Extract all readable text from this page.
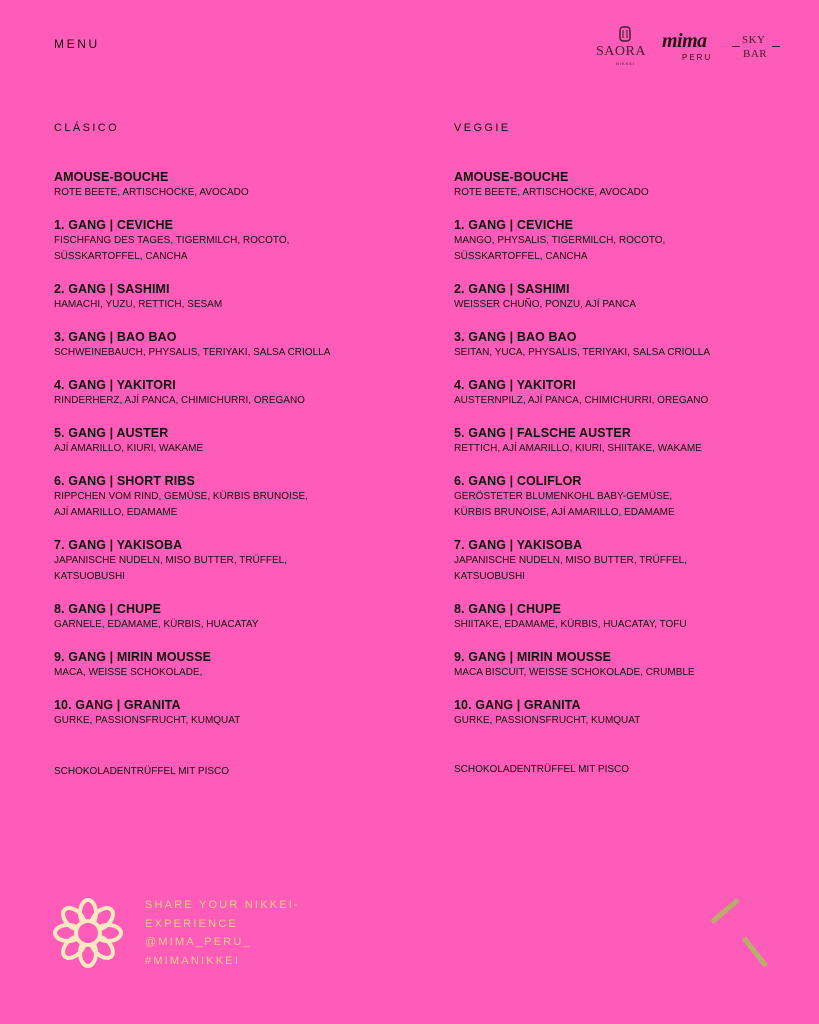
MENU	SAORA
NIKKEI
mima
PERU
SKY
BAR
CLÁSICO
AMOUSE-BOUCHE
ROTE BEETE, ARTISCHOCKE, AVOCADO
1. GANG | CEVICHE
FISCHFANG DES TAGES, TIGERMILCH, ROCOTO,
SÜSSKARTOFFEL, CANCHA
2. GANG | SASHIMI
HAMACHI, YUZU, RETTICH, SESAM
3. GANG | BAO BAO
SCHWEINEBAUCH, PHYSALIS, TERIYAKI, SALSA CRIOLLA
4. GANG | YAKITORI
RINDERHERZ, AJÍ PANCA, CHIMICHURRI, OREGANO
5. GANG | AUSTER
AJÍ AMARILLO, KIURI, WAKAME
6. GANG | SHORT RIBS
RIPPCHEN VOM RIND, GEMÜSE, KÜRBIS BRUNOISE,
AJÍ AMARILLO, EDAMAME
7. GANG | YAKISOBA
JAPANISCHE NUDELN, MISO BUTTER, TRÜFFEL,
KATSUOBUSHI
8. GANG | CHUPE
GARNELE, EDAMAME, KÜRBIS, HUACATAY
9. GANG | MIRIN MOUSSE
MACA, WEISSE SCHOKOLADE,
10. GANG | GRANITA
GURKE, PASSIONSFRUCHT, KUMQUAT
SCHOKOLADENTRÜFFEL MIT PISCO
VEGGIE
AMOUSE-BOUCHE
ROTE BEETE, ARTISCHOCKE, AVOCADO
1. GANG | CEVICHE
MANGO, PHYSALIS, TIGERMILCH, ROCOTO,
SÜSSKARTOFFEL, CANCHA
2. GANG | SASHIMI
WEISSER CHUÑO, PONZU, AJÍ PANCA
3. GANG | BAO BAO
SEITAN, YUCA, PHYSALIS, TERIYAKI, SALSA CRIOLLA
4. GANG | YAKITORI
AUSTERNPILZ, AJÍ PANCA, CHIMICHURRI, OREGANO
5. GANG | FALSCHE AUSTER
RETTICH, AJÍ AMARILLO, KIURI, SHIITAKE, WAKAME
6. GANG | COLIFLOR
GERÖSTETER BLUMENKOHL BABY-GEMÜSE,
KÜRBIS BRUNOISE, AJÍ AMARILLO, EDAMAME
7. GANG | YAKISOBA
JAPANISCHE NUDELN, MISO BUTTER, TRÜFFEL,
KATSUOBUSHI
8. GANG | CHUPE
SHIITAKE, EDAMAME, KÜRBIS, HUACATAY, TOFU
9. GANG | MIRIN MOUSSE
MACA BISCUIT, WEISSE SCHOKOLADE, CRUMBLE
10. GANG | GRANITA
GURKE, PASSIONSFRUCHT, KUMQUAT
SCHOKOLADENTRÜFFEL MIT PISCO
SHARE YOUR NIKKEI-
EXPERIENCE
@MIMA_PERU_
#MIMANIKKEI
